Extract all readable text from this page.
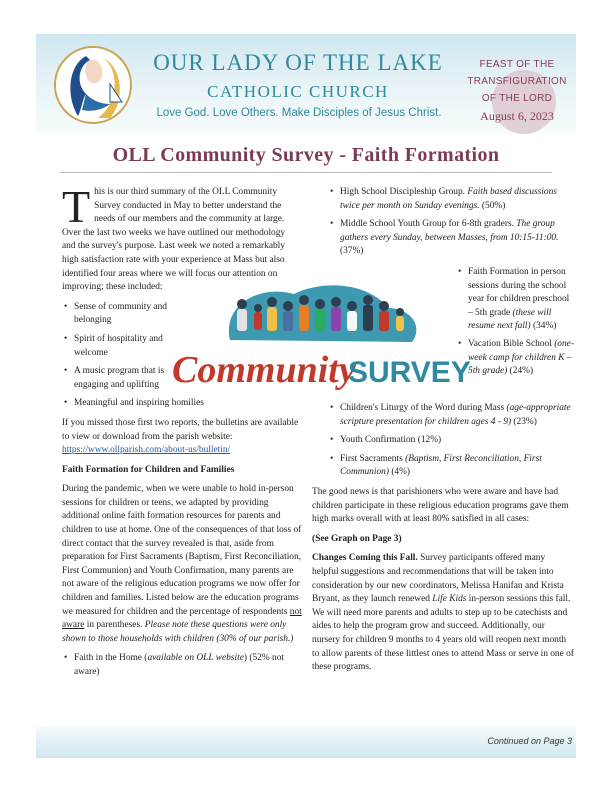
OUR LADY OF THE LAKE
CATHOLIC CHURCH
Love God. Love Others. Make Disciples of Jesus Christ.
FEAST OF THE
TRANSFIGURATION
OF THE LORD
August 6, 2023
OLL Community Survey - Faith Formation

This is our third summary of the OLL Community Survey conducted in May to better understand the needs of our members and the community at large. Over the last two weeks we have outlined our methodology and the survey's purpose. Last week we noted a remarkably high satisfaction rate with your experience at Mass but also identified four areas where we will focus our attention on improving; these included:

• Sense of community and belonging
• Spirit of hospitality and welcome
• A music program that is engaging and uplifting
• Meaningful and inspiring homilies

If you missed those first two reports, the bulletins are available to view or download from the parish website: https://www.ollparish.com/about-us/bulletin/

Faith Formation for Children and Families

During the pandemic, when we were unable to hold in-person sessions for children or teens, we adapted by providing additional online faith formation resources for parents and children to use at home. One of the consequences of that loss of direct contact that the survey revealed is that, aside from preparation for First Sacraments (Baptism, First Reconciliation, First Communion) and Youth Confirmation, many parents are not aware of the religious education programs we now offer for children and families. Listed below are the education programs we measured for children and the percentage of respondents not aware in parentheses. Please note these questions were only shown to those households with children (30% of our parish.)

• Faith in the Home (available on OLL website) (52% not aware)
• High School Discipleship Group. Faith based discussions twice per month on Sunday evenings. (50%)
• Middle School Youth Group for 6-8th graders. The group gathers every Sunday, between Masses, from 10:15-11:00. (37%)
Community
SURVEY
• Faith Formation in person sessions during the school year for children preschool – 5th grade (these will resume next fall) (34%)
• Vacation Bible School (one-week camp for children K – 5th grade) (24%)
• Children's Liturgy of the Word during Mass (age-appropriate scripture presentation for children ages 4 - 9) (23%)
• Youth Confirmation (12%)
• First Sacraments (Baptism, First Reconciliation, First Communion) (4%)

The good news is that parishioners who were aware and have had children participate in these religious education programs gave them high marks overall with at least 80% satisfied in all cases:

(See Graph on Page 3)

Changes Coming this Fall. Survey participants offered many helpful suggestions and recommendations that will be taken into consideration by our new coordinators, Melissa Hanifan and Krista Bryant, as they launch renewed Life Kids in-person sessions this fall. We will need more parents and adults to step up to be catechists and aides to help the program grow and succeed. Additionally, our nursery for children 9 months to 4 years old will reopen next month to allow parents of these littlest ones to attend Mass or serve in one of these programs.

Continued on Page 3
